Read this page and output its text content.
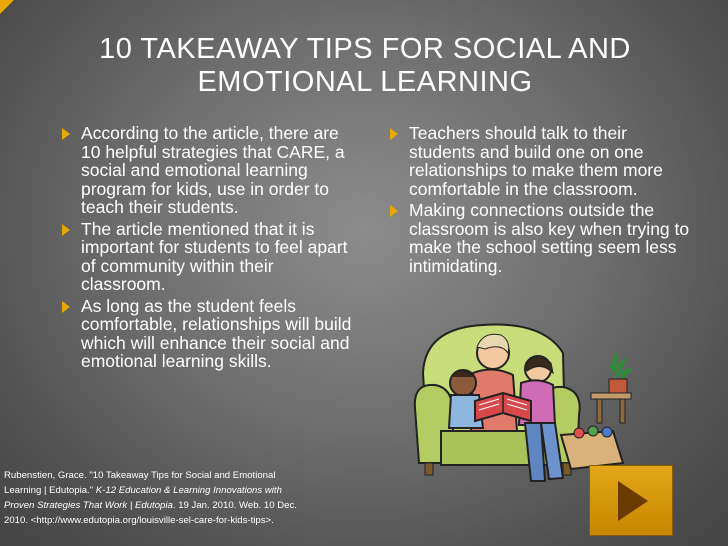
10 TAKEAWAY TIPS FOR SOCIAL AND EMOTIONAL LEARNING
According to the article, there are 10 helpful strategies that CARE, a social and emotional learning program for kids, use in order to teach their students.
The article mentioned that it is important for students to feel apart of community within their classroom.
As long as the student feels comfortable, relationships will build which will enhance their social and emotional learning skills.
Teachers should talk to their students and build one on one relationships to make them more comfortable in the classroom.
Making connections outside the classroom is also key when trying to make the school setting seem less intimidating.
Rubenstien, Grace. "10 Takeaway Tips for Social and Emotional Learning | Edutopia." K-12 Education & Learning Innovations with Proven Strategies That Work | Edutopia. 19 Jan. 2010. Web. 10 Dec. 2010. <http://www.edutopia.org/louisville-sel-care-for-kids-tips>.
